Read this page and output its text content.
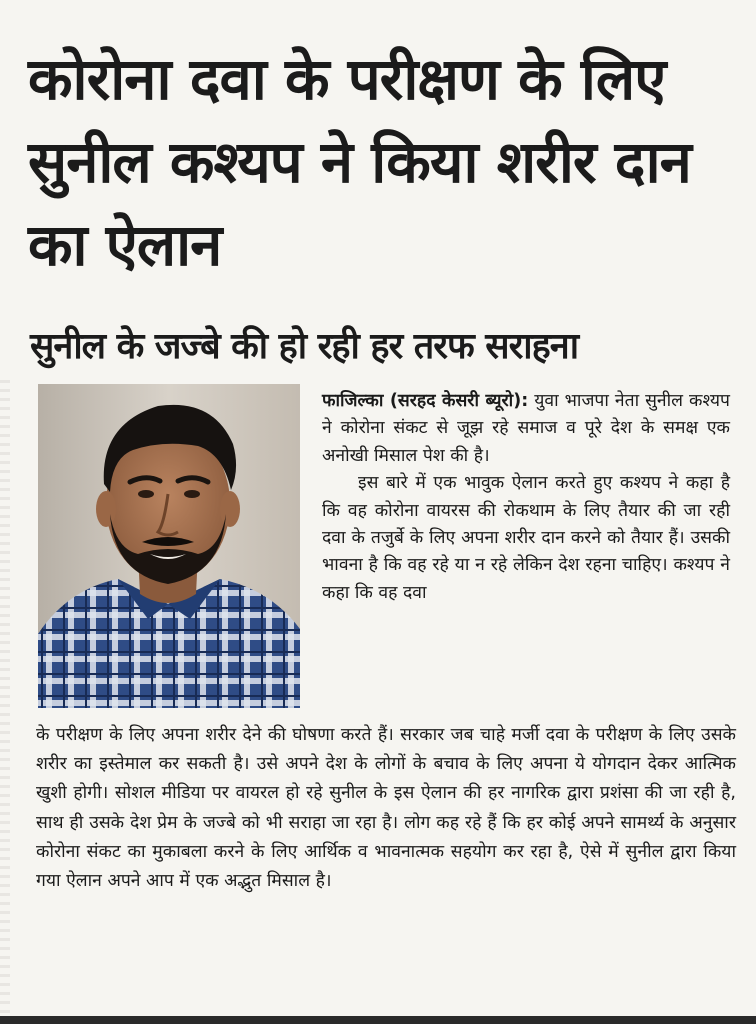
कोरोना दवा के परीक्षण के लिए सुनील कश्यप ने किया शरीर दान का ऐलान
सुनील के जज्बे की हो रही हर तरफ सराहना

फाजिल्का (सरहद केसरी ब्यूरो): युवा भाजपा नेता सुनील कश्यप ने कोरोना संकट से जूझ रहे समाज व पूरे देश के समक्ष एक अनोखी मिसाल पेश की है।
इस बारे में एक भावुक ऐलान करते हुए कश्यप ने कहा है कि वह कोरोना वायरस की रोकथाम के लिए तैयार की जा रही दवा के तजुर्बे के लिए अपना शरीर दान करने को तैयार हैं। उसकी भावना है कि वह रहे या न रहे लेकिन देश रहना चाहिए। कश्यप ने कहा कि वह दवा

के परीक्षण के लिए अपना शरीर देने की घोषणा करते हैं। सरकार जब चाहे मर्जी दवा के परीक्षण के लिए उसके शरीर का इस्तेमाल कर सकती है। उसे अपने देश के लोगों के बचाव के लिए अपना ये योगदान देकर आत्मिक खुशी होगी। सोशल मीडिया पर वायरल हो रहे सुनील के इस ऐलान की हर नागरिक द्वारा प्रशंसा की जा रही है, साथ ही उसके देश प्रेम के जज्बे को भी सराहा जा रहा है। लोग कह रहे हैं कि हर कोई अपने सामर्थ्य के अनुसार कोरोना संकट का मुकाबला करने के लिए आर्थिक व भावनात्मक सहयोग कर रहा है, ऐसे में सुनील द्वारा किया गया ऐलान अपने आप में एक अद्भुत मिसाल है।
